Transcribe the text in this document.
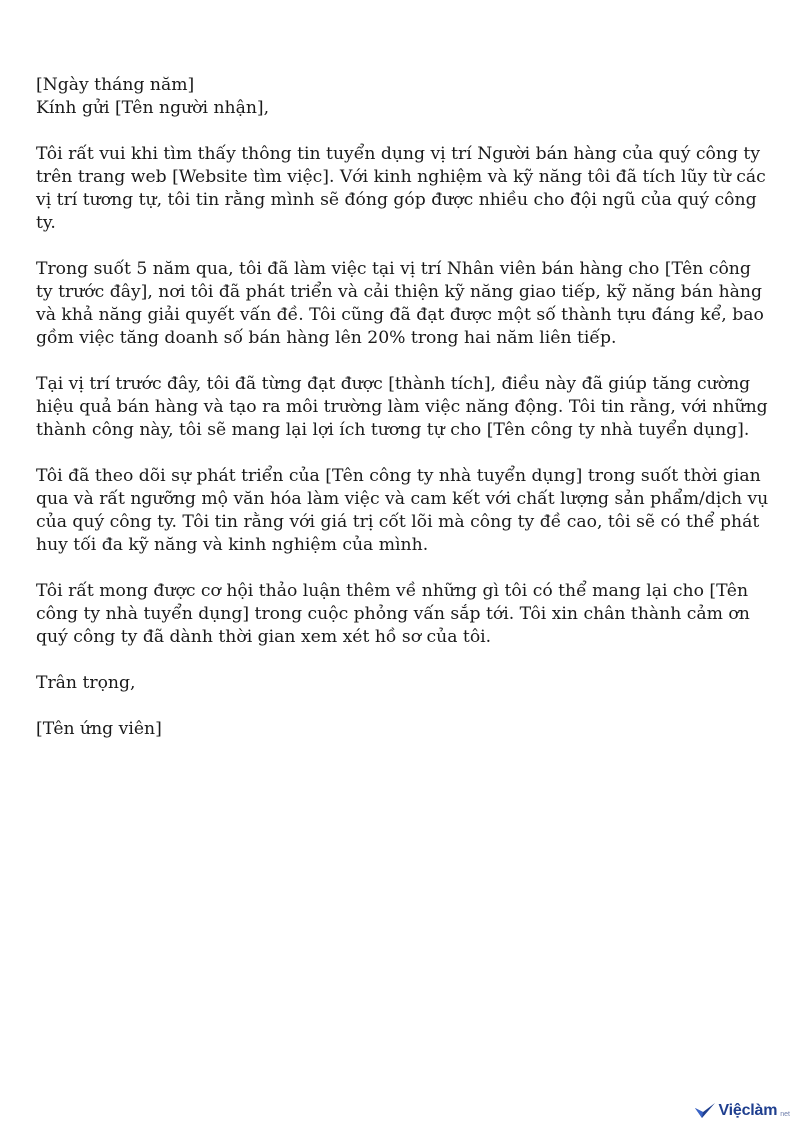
[Ngày tháng năm]
Kính gửi [Tên người nhận],
Tôi rất vui khi tìm thấy thông tin tuyển dụng vị trí Người bán hàng của quý công ty
trên trang web [Website tìm việc]. Với kinh nghiệm và kỹ năng tôi đã tích lũy từ các
vị trí tương tự, tôi tin rằng mình sẽ đóng góp được nhiều cho đội ngũ của quý công
ty.
Trong suốt 5 năm qua, tôi đã làm việc tại vị trí Nhân viên bán hàng cho [Tên công
ty trước đây], nơi tôi đã phát triển và cải thiện kỹ năng giao tiếp, kỹ năng bán hàng
và khả năng giải quyết vấn đề. Tôi cũng đã đạt được một số thành tựu đáng kể, bao
gồm việc tăng doanh số bán hàng lên 20% trong hai năm liên tiếp.
Tại vị trí trước đây, tôi đã từng đạt được [thành tích], điều này đã giúp tăng cường
hiệu quả bán hàng và tạo ra môi trường làm việc năng động. Tôi tin rằng, với những
thành công này, tôi sẽ mang lại lợi ích tương tự cho [Tên công ty nhà tuyển dụng].
Tôi đã theo dõi sự phát triển của [Tên công ty nhà tuyển dụng] trong suốt thời gian
qua và rất ngưỡng mộ văn hóa làm việc và cam kết với chất lượng sản phẩm/dịch vụ
của quý công ty. Tôi tin rằng với giá trị cốt lõi mà công ty đề cao, tôi sẽ có thể phát
huy tối đa kỹ năng và kinh nghiệm của mình.
Tôi rất mong được cơ hội thảo luận thêm về những gì tôi có thể mang lại cho [Tên
công ty nhà tuyển dụng] trong cuộc phỏng vấn sắp tới. Tôi xin chân thành cảm ơn
quý công ty đã dành thời gian xem xét hồ sơ của tôi.
Trân trọng,
[Tên ứng viên]
Việclàm net
